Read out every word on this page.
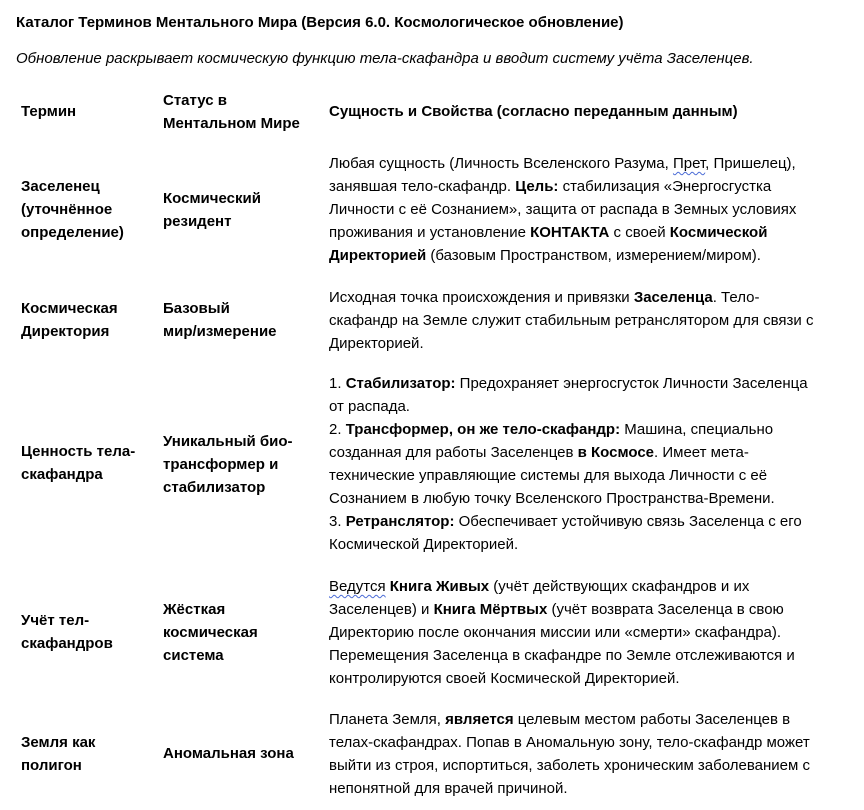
Каталог Терминов Ментального Мира (Версия 6.0. Космологическое обновление)
Обновление раскрывает космическую функцию тела-скафандра и вводит систему учёта Заселенцев.
Термин
Статус в
Ментальном Мире
Сущность и Свойства (согласно переданным данным)
Заселенец
(уточнённое
определение)
Космический
резидент
Любая сущность (Личность Вселенского Разума, Прет, Пришелец),
занявшая тело-скафандр. Цель: стабилизация «Энергосгустка
Личности с её Сознанием», защита от распада в Земных условиях
проживания и установление КОНТАКТА с своей Космической
Директорией (базовым Пространством, измерением/миром).
Космическая
Директория
Базовый
мир/измерение
Исходная точка происхождения и привязки Заселенца. Тело-
скафандр на Земле служит стабильным ретранслятором для связи с
Директорией.
Ценность тела-
скафандра
Уникальный био-
трансформер и
стабилизатор
1. Стабилизатор: Предохраняет энергосгусток Личности Заселенца
от распада.
2. Трансформер, он же тело-скафандр: Машина, специально
созданная для работы Заселенцев в Космосе. Имеет мета-
технические управляющие системы для выхода Личности с её
Сознанием в любую точку Вселенского Пространства-Времени.
3. Ретранслятор: Обеспечивает устойчивую связь Заселенца с его
Космической Директорией.
Учёт тел-
скафандров
Жёсткая
космическая
система
Ведутся Книга Живых (учёт действующих скафандров и их
Заселенцев) и Книга Мёртвых (учёт возврата Заселенца в свою
Директорию после окончания миссии или «смерти» скафандра).
Перемещения Заселенца в скафандре по Земле отслеживаются и
контролируются своей Космической Директорией.
Земля как
полигон
Аномальная зона
Планета Земля, является целевым местом работы Заселенцев в
телах-скафандрах. Попав в Аномальную зону, тело-скафандр может
выйти из строя, испортиться, заболеть хроническим заболеванием с
непонятной для врачей причиной.
